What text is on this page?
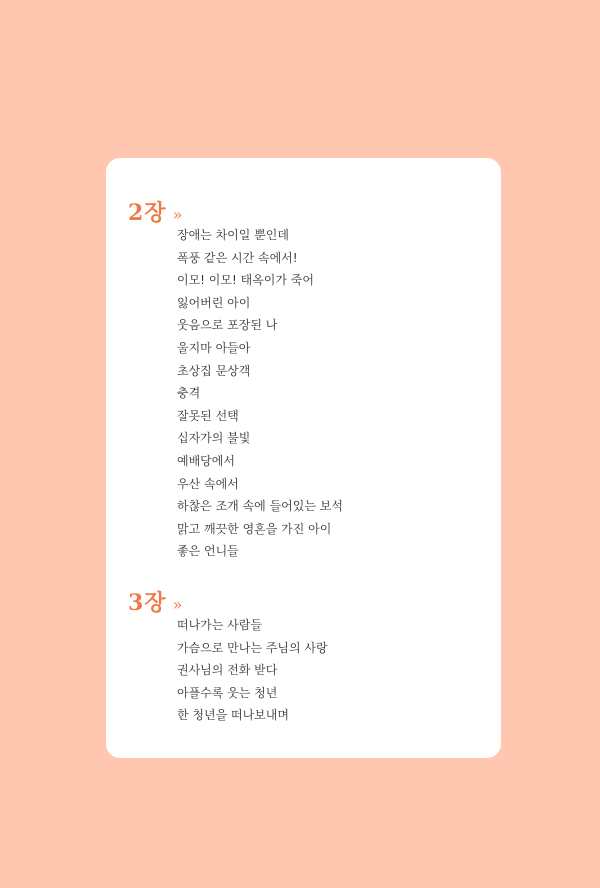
2장 »
장애는 차이일 뿐인데
폭풍 같은 시간 속에서!
이모! 이모! 태옥이가 죽어
잃어버린 아이
웃음으로 포장된 나
울지마 아들아
초상집 문상객
충격
잘못된 선택
십자가의 불빛
예배당에서
우산 속에서
하찮은 조개 속에 들어있는 보석
맑고 깨끗한 영혼을 가진 아이
좋은 언니들
3장 »
떠나가는 사람들
가슴으로 만나는 주님의 사랑
권사님의 전화 받다
아플수록 웃는 청년
한 청년을 떠나보내며
